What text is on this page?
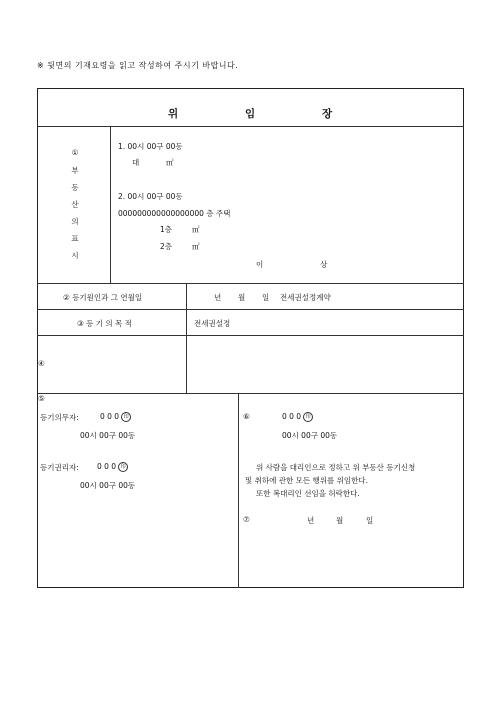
※ 뒷면의 기재요령을 읽고 작성하여 주시기 바랍니다.
위	임	장
①
부
동
산
의
표
시
1. 00시 00구 00동
대	㎡
2. 00시 00구 00동
000000000000000000 층 주택
1층	㎡
2층	㎡
이	상
② 등기원인과 그 연월일	년 월 일 전세권설정계약
③ 등 기 의 목 적	전세권설정
④
⑤
등기의무자:	0 0 0 印
00시 00구 00동
등기권리자: 0 0 0 印
00시 00구 00동
⑥	0 0 0 印
00시 00구 00동
위 사람을 대리인으로 정하고 위 부동산 등기신청
및 취하에 관한 모든 행위를 위임한다.
또한 복대리인 선임을 허락한다.
⑦	년	월	일
